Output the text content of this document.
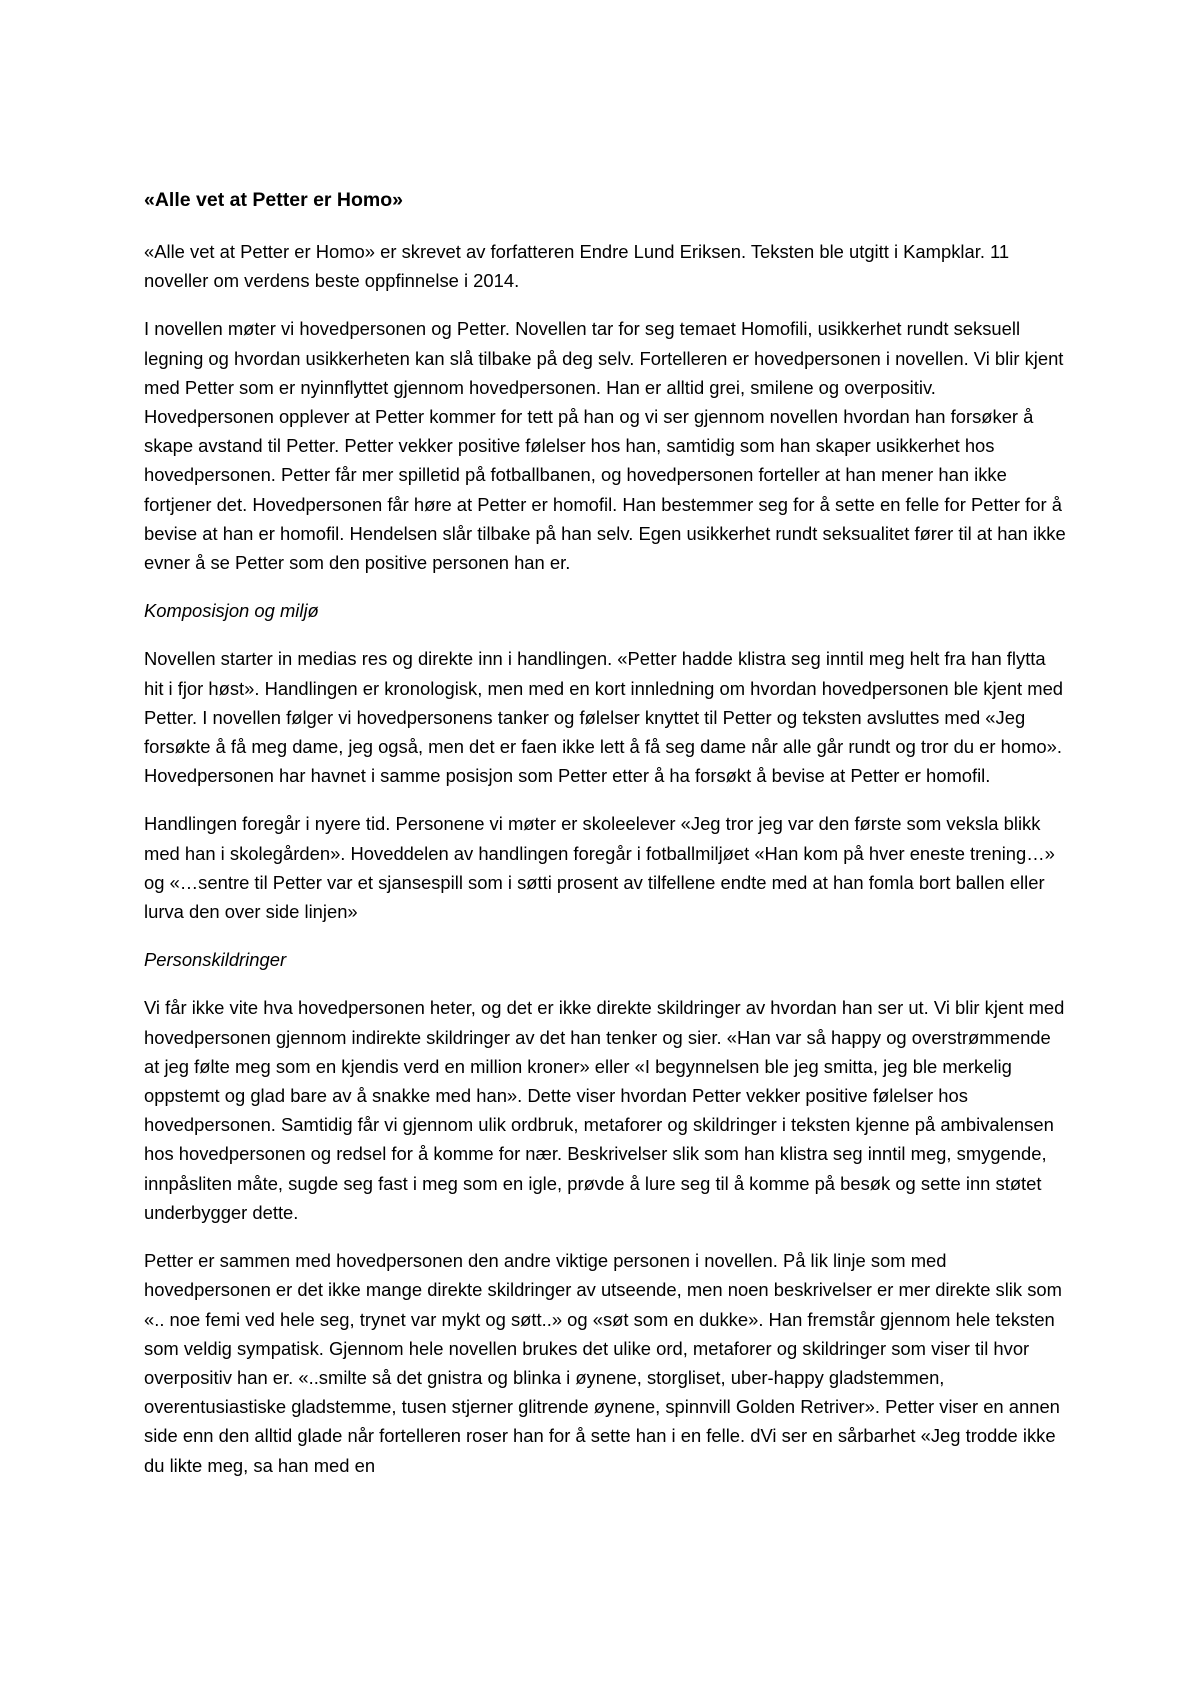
«Alle vet at Petter er Homo»

«Alle vet at Petter er Homo» er skrevet av forfatteren Endre Lund Eriksen. Teksten ble utgitt i Kampklar. 11 noveller om verdens beste oppfinnelse i 2014.

I novellen møter vi hovedpersonen og Petter. Novellen tar for seg temaet Homofili, usikkerhet rundt seksuell legning og hvordan usikkerheten kan slå tilbake på deg selv. Fortelleren er hovedpersonen i novellen. Vi blir kjent med Petter som er nyinnflyttet gjennom hovedpersonen. Han er alltid grei, smilene og overpositiv. Hovedpersonen opplever at Petter kommer for tett på han og vi ser gjennom novellen hvordan han forsøker å skape avstand til Petter. Petter vekker positive følelser hos han, samtidig som han skaper usikkerhet hos hovedpersonen. Petter får mer spilletid på fotballbanen, og hovedpersonen forteller at han mener han ikke fortjener det. Hovedpersonen får høre at Petter er homofil. Han bestemmer seg for å sette en felle for Petter for å bevise at han er homofil. Hendelsen slår tilbake på han selv. Egen usikkerhet rundt seksualitet fører til at han ikke evner å se Petter som den positive personen han er.

Komposisjon og miljø

Novellen starter in medias res og direkte inn i handlingen. «Petter hadde klistra seg inntil meg helt fra han flytta hit i fjor høst». Handlingen er kronologisk, men med en kort innledning om hvordan hovedpersonen ble kjent med Petter. I novellen følger vi hovedpersonens tanker og følelser knyttet til Petter og teksten avsluttes med «Jeg forsøkte å få meg dame, jeg også, men det er faen ikke lett å få seg dame når alle går rundt og tror du er homo». Hovedpersonen har havnet i samme posisjon som Petter etter å ha forsøkt å bevise at Petter er homofil.

Handlingen foregår i nyere tid. Personene vi møter er skoleelever «Jeg tror jeg var den første som veksla blikk med han i skolegården». Hoveddelen av handlingen foregår i fotballmiljøet «Han kom på hver eneste trening…» og «…sentre til Petter var et sjansespill som i søtti prosent av tilfellene endte med at han fomla bort ballen eller lurva den over side linjen»

Personskildringer

Vi får ikke vite hva hovedpersonen heter, og det er ikke direkte skildringer av hvordan han ser ut. Vi blir kjent med hovedpersonen gjennom indirekte skildringer av det han tenker og sier. «Han var så happy og overstrømmende at jeg følte meg som en kjendis verd en million kroner» eller «I begynnelsen ble jeg smitta, jeg ble merkelig oppstemt og glad bare av å snakke med han». Dette viser hvordan Petter vekker positive følelser hos hovedpersonen. Samtidig får vi gjennom ulik ordbruk, metaforer og skildringer i teksten kjenne på ambivalensen hos hovedpersonen og redsel for å komme for nær. Beskrivelser slik som han klistra seg inntil meg, smygende, innpåsliten måte, sugde seg fast i meg som en igle, prøvde å lure seg til å komme på besøk og sette inn støtet underbygger dette.

Petter er sammen med hovedpersonen den andre viktige personen i novellen. På lik linje som med hovedpersonen er det ikke mange direkte skildringer av utseende, men noen beskrivelser er mer direkte slik som «.. noe femi ved hele seg, trynet var mykt og søtt..» og «søt som en dukke». Han fremstår gjennom hele teksten som veldig sympatisk. Gjennom hele novellen brukes det ulike ord, metaforer og skildringer som viser til hvor overpositiv han er. «..smilte så det gnistra og blinka i øynene, storgliset, uber-happy gladstemmen, overentusiastiske gladstemme, tusen stjerner glitrende øynene, spinnvill Golden Retriver». Petter viser en annen side enn den alltid glade når fortelleren roser han for å sette han i en felle. dVi ser en sårbarhet «Jeg trodde ikke du likte meg, sa han med en
